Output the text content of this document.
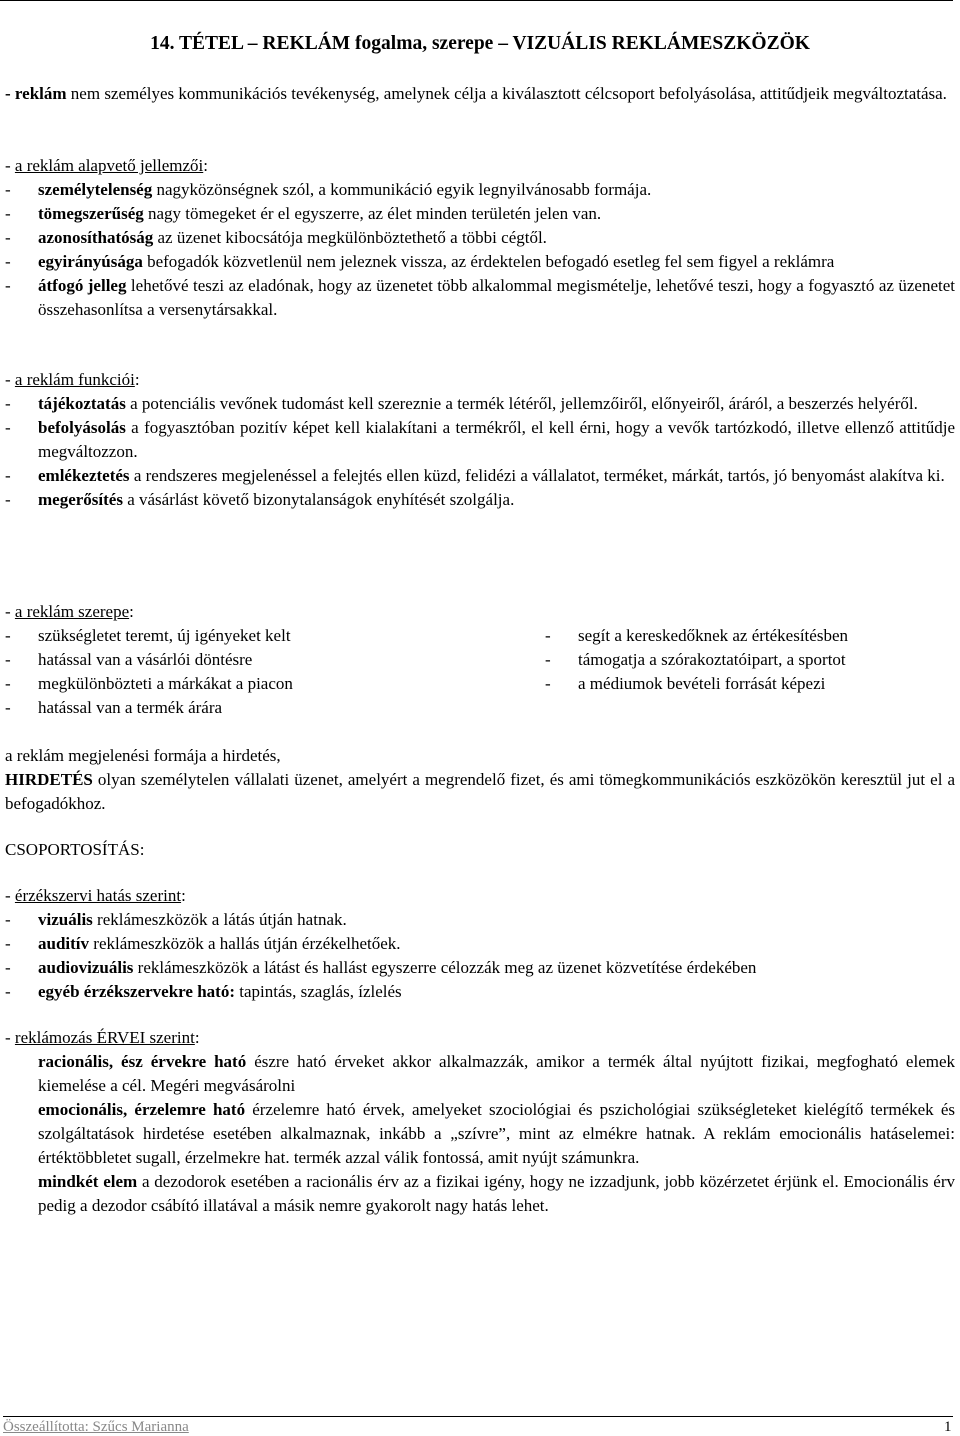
14. TÉTEL – REKLÁM fogalma, szerepe – VIZUÁLIS REKLÁMESZKÖZÖK

- reklám nem személyes kommunikációs tevékenység, amelynek célja a kiválasztott célcsoport befolyásolása, attitűdjeik megváltoztatása.

- a reklám alapvető jellemzői:
-	személytelenség nagyközönségnek szól, a kommunikáció egyik legnyilvánosabb formája.
-	tömegszerűség nagy tömegeket ér el egyszerre, az élet minden területén jelen van.
-	azonosíthatóság az üzenet kibocsátója megkülönböztethető a többi cégtől.
-	egyirányúsága befogadók közvetlenül nem jeleznek vissza, az érdektelen befogadó esetleg fel sem figyel a reklámra
-	átfogó jelleg lehetővé teszi az eladónak, hogy az üzenetet több alkalommal megismételje, lehetővé teszi, hogy a fogyasztó az üzenetet összehasonlítsa a versenytársakkal.
- a reklám funkciói:
-	tájékoztatás a potenciális vevőnek tudomást kell szereznie a termék létéről, jellemzőiről, előnyeiről, áráról, a beszerzés helyéről.
-	befolyásolás a fogyasztóban pozitív képet kell kialakítani a termékről, el kell érni, hogy a vevők tartózkodó, illetve ellenző attitűdje megváltozzon.
-	emlékeztetés a rendszeres megjelenéssel a felejtés ellen küzd, felidézi a vállalatot, terméket, márkát, tartós, jó benyomást alakítva ki.
-	megerősítés a vásárlást követő bizonytalanságok enyhítését szolgálja.
- a reklám szerepe:
-	szükségletet teremt, új igényeket kelt
-	hatással van a vásárlói döntésre
-	megkülönbözteti a márkákat a piacon
-	hatással van a termék árára
-	segít a kereskedőknek az értékesítésben
-	támogatja a szórakoztatóipart, a sportot
-	a médiumok bevételi forrását képezi
a reklám megjelenési formája a hirdetés,
HIRDETÉS olyan személytelen vállalati üzenet, amelyért a megrendelő fizet, és ami tömegkommunikációs eszközökön keresztül jut el a befogadókhoz.
CSOPORTOSÍTÁS:
- érzékszervi hatás szerint:
-	vizuális reklámeszközök a látás útján hatnak.
-	auditív reklámeszközök a hallás útján érzékelhetőek.
-	audiovizuális reklámeszközök a látást és hallást egyszerre célozzák meg az üzenet közvetítése érdekében
-	egyéb érzékszervekre ható: tapintás, szaglás, ízlelés
- reklámozás ÉRVEI szerint:
racionális, ész érvekre ható észre ható érveket akkor alkalmazzák, amikor a termék által nyújtott fizikai, megfogható elemek kiemelése a cél. Megéri megvásárolni
emocionális, érzelemre ható érzelemre ható érvek, amelyeket szociológiai és pszichológiai szükségleteket kielégítő termékek és szolgáltatások hirdetése esetében alkalmaznak, inkább a „szívre”, mint az elmékre hatnak. A reklám emocionális hatáselemei: értéktöbbletet sugall, érzelmekre hat. termék azzal válik fontossá, amit nyújt számunkra.
mindkét elem a dezodorok esetében a racionális érv az a fizikai igény, hogy ne izzadjunk, jobb közérzetet érjünk el. Emocionális érv pedig a dezodor csábító illatával a másik nemre gyakorolt nagy hatás lehet.
Összeállította: Szűcs Marianna	1
